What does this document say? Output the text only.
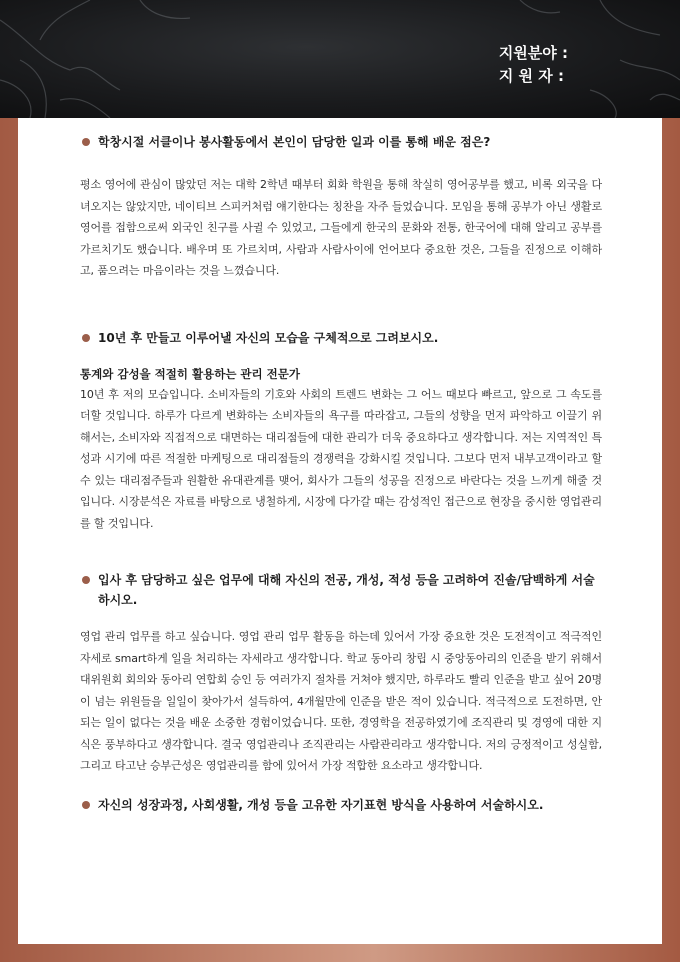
지원분야 :
지 원 자 :
학창시절 서클이나 봉사활동에서 본인이 담당한 일과 이를 통해 배운 점은?
평소 영어에 관심이 많았던 저는 대학 2학년 때부터 회화 학원을 통해 착실히 영어공부를 했고, 비록 외국을 다녀오지는 않았지만, 네이티브 스피커처럼 얘기한다는 칭찬을 자주 들었습니다. 모임을 통해 공부가 아닌 생활로 영어를 접함으로써 외국인 친구를 사귈 수 있었고, 그들에게 한국의 문화와 전통, 한국어에 대해 알리고 공부를 가르치기도 했습니다. 배우며 또 가르치며, 사람과 사람사이에 언어보다 중요한 것은, 그들을 진정으로 이해하고, 품으려는 마음이라는 것을 느꼈습니다.
10년 후 만들고 이루어낼 자신의 모습을 구체적으로 그려보시오.
통계와 감성을 적절히 활용하는 관리 전문가
10년 후 저의 모습입니다. 소비자들의 기호와 사회의 트렌드 변화는 그 어느 때보다 빠르고, 앞으로 그 속도를 더할 것입니다. 하루가 다르게 변화하는 소비자들의 욕구를 따라잡고, 그들의 성향을 먼저 파악하고 이끌기 위해서는, 소비자와 직접적으로 대면하는 대리점들에 대한 관리가 더욱 중요하다고 생각합니다. 저는 지역적인 특성과 시기에 따른 적절한 마케팅으로 대리점들의 경쟁력을 강화시킬 것입니다. 그보다 먼저 내부고객이라고 할 수 있는 대리점주들과 원활한 유대관계를 맺어, 회사가 그들의 성공을 진정으로 바란다는 것을 느끼게 해줄 것입니다. 시장분석은 자료를 바탕으로 냉철하게, 시장에 다가갈 때는 감성적인 접근으로 현장을 중시한 영업관리를 할 것입니다.
입사 후 담당하고 싶은 업무에 대해 자신의 전공, 개성, 적성 등을 고려하여 진솔/담백하게 서술하시오.
영업 관리 업무를 하고 싶습니다. 영업 관리 업무 활동을 하는데 있어서 가장 중요한 것은 도전적이고 적극적인 자세로 smart하게 일을 처리하는 자세라고 생각합니다. 학교 동아리 창립 시 중앙동아리의 인준을 받기 위해서 대위원회 회의와 동아리 연합회 승인 등 여러가지 절차를 거쳐야 했지만, 하루라도 빨리 인준을 받고 싶어 20명이 넘는 위원들을 일일이 찾아가서 설득하여, 4개월만에 인준을 받은 적이 있습니다. 적극적으로 도전하면, 안 되는 일이 없다는 것을 배운 소중한 경험이었습니다. 또한, 경영학을 전공하였기에 조직관리 및 경영에 대한 지식은 풍부하다고 생각합니다. 결국 영업관리나 조직관리는 사람관리라고 생각합니다. 저의 긍정적이고 성실함, 그리고 타고난 승부근성은 영업관리를 함에 있어서 가장 적합한 요소라고 생각합니다.
자신의 성장과정, 사회생활, 개성 등을 고유한 자기표현 방식을 사용하여 서술하시오.
